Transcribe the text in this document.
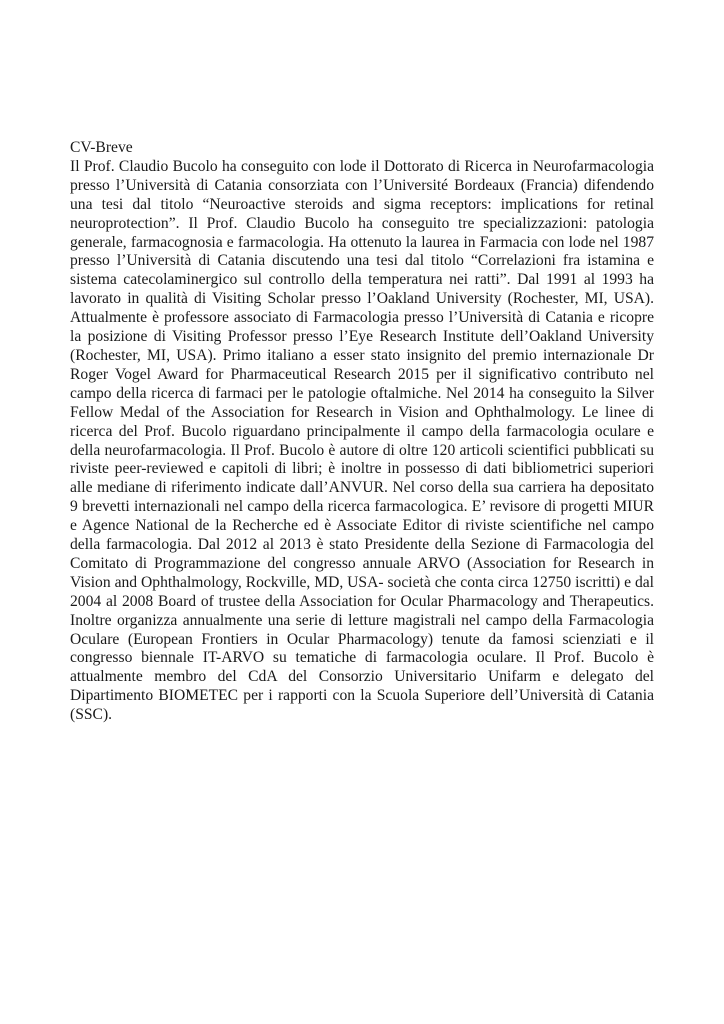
CV-Breve

Il Prof. Claudio Bucolo ha conseguito con lode il Dottorato di Ricerca in Neurofarmacologia presso l’Università di Catania consorziata con l’Université Bordeaux (Francia) difendendo una tesi dal titolo “Neuroactive steroids and sigma receptors: implications for retinal neuroprotection”. Il Prof. Claudio Bucolo ha conseguito tre specializzazioni: patologia generale, farmacognosia e farmacologia. Ha ottenuto la laurea in Farmacia con lode nel 1987 presso l’Università di Catania discutendo una tesi dal titolo “Correlazioni fra istamina e sistema catecolaminergico sul controllo della temperatura nei ratti”. Dal 1991 al 1993 ha lavorato in qualità di Visiting Scholar presso l’Oakland University (Rochester, MI, USA). Attualmente è professore associato di Farmacologia presso l’Università di Catania e ricopre la posizione di Visiting Professor presso l’Eye Research Institute dell’Oakland University (Rochester, MI, USA). Primo italiano a esser stato insignito del premio internazionale Dr Roger Vogel Award for Pharmaceutical Research 2015 per il significativo contributo nel campo della ricerca di farmaci per le patologie oftalmiche. Nel 2014 ha conseguito la Silver Fellow Medal of the Association for Research in Vision and Ophthalmology. Le linee di ricerca del Prof. Bucolo riguardano principalmente il campo della farmacologia oculare e della neurofarmacologia. Il Prof. Bucolo è autore di oltre 120 articoli scientifici pubblicati su riviste peer-reviewed e capitoli di libri; è inoltre in possesso di dati bibliometrici superiori alle mediane di riferimento indicate dall’ANVUR. Nel corso della sua carriera ha depositato 9 brevetti internazionali nel campo della ricerca farmacologica. E’ revisore di progetti MIUR e Agence National de la Recherche ed è Associate Editor di riviste scientifiche nel campo della farmacologia. Dal 2012 al 2013 è stato Presidente della Sezione di Farmacologia del Comitato di Programmazione del congresso annuale ARVO (Association for Research in Vision and Ophthalmology, Rockville, MD, USA- società che conta circa 12750 iscritti) e dal 2004 al 2008 Board of trustee della Association for Ocular Pharmacology and Therapeutics. Inoltre organizza annualmente una serie di letture magistrali nel campo della Farmacologia Oculare (European Frontiers in Ocular Pharmacology) tenute da famosi scienziati e il congresso biennale IT-ARVO su tematiche di farmacologia oculare. Il Prof. Bucolo è attualmente membro del CdA del Consorzio Universitario Unifarm e delegato del Dipartimento BIOMETEC per i rapporti con la Scuola Superiore dell’Università di Catania (SSC).
